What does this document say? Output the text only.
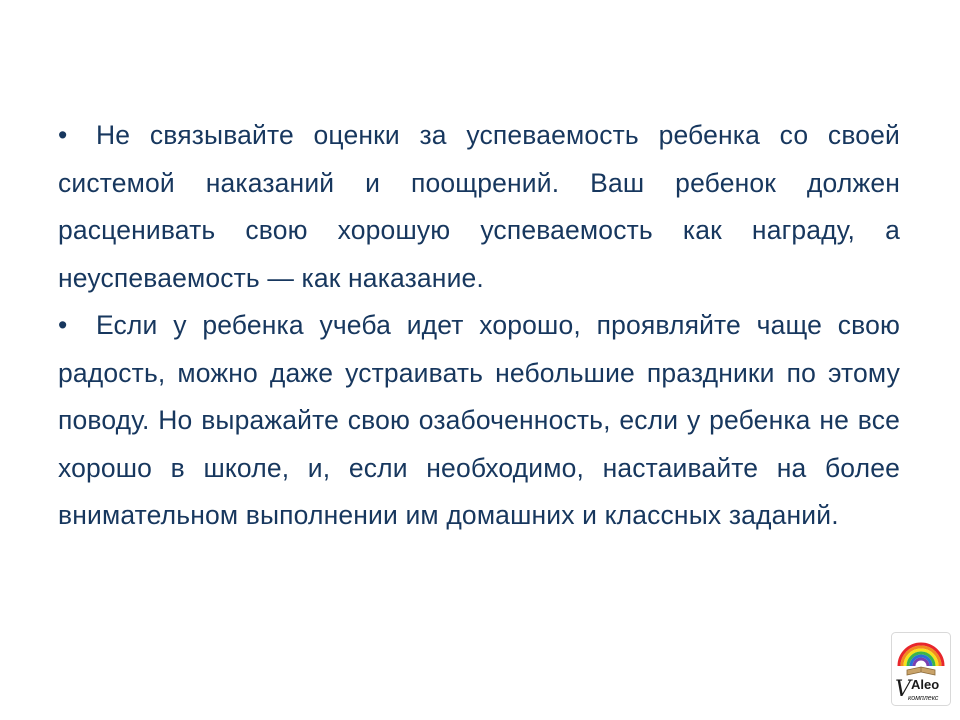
• Не связывайте оценки за успеваемость ребенка со своей системой наказаний и поощрений. Ваш ребенок должен расценивать свою хорошую успеваемость как награду, а неуспеваемость — как наказание.

• Если у ребенка учеба идет хорошо, проявляйте чаще свою радость, можно даже устраивать небольшие праздники по этому поводу. Но выражайте свою озабоченность, если у ребенка не все хорошо в школе, и, если необходимо, настаивайте на более внимательном выполнении им домашних и классных заданий.

V Aleo
комплекс
